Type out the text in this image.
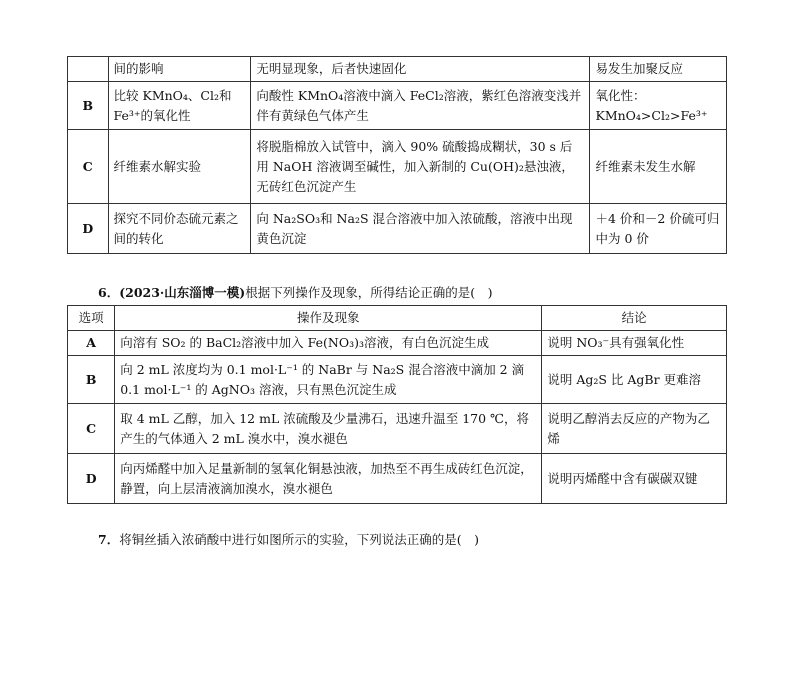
	间的影响	无明显现象，后者快速固化	易发生加聚反应
B	比较 KMnO₄、Cl₂和 Fe³⁺的氧化性	向酸性 KMnO₄溶液中滴入 FeCl₂溶液，紫红色溶液变浅并伴有黄绿色气体产生	氧化性：KMnO₄>Cl₂>Fe³⁺
C	纤维素水解实验	将脱脂棉放入试管中，滴入 90% 硫酸捣成糊状，30 s 后用 NaOH 溶液调至碱性，加入新制的 Cu(OH)₂悬浊液，无砖红色沉淀产生	纤维素未发生水解
D	探究不同价态硫元素之间的转化	向 Na₂SO₃和 Na₂S 混合溶液中加入浓硫酸，溶液中出现黄色沉淀	＋4 价和－2 价硫可归中为 0 价
6．(2023·山东淄博一模)根据下列操作及现象，所得结论正确的是(　)
选项	操作及现象	结论
A	向溶有 SO₂ 的 BaCl₂溶液中加入 Fe(NO₃)₃溶液，有白色沉淀生成	说明 NO₃⁻具有强氧化性
B	向 2 mL 浓度均为 0.1 mol·L⁻¹ 的 NaBr 与 Na₂S 混合溶液中滴加 2 滴 0.1 mol·L⁻¹ 的 AgNO₃ 溶液，只有黑色沉淀生成	说明 Ag₂S 比 AgBr 更难溶
C	取 4 mL 乙醇，加入 12 mL 浓硫酸及少量沸石，迅速升温至 170 ℃，将产生的气体通入 2 mL 溴水中，溴水褪色	说明乙醇消去反应的产物为乙烯
D	向丙烯醛中加入足量新制的氢氧化铜悬浊液，加热至不再生成砖红色沉淀，静置，向上层清液滴加溴水，溴水褪色	说明丙烯醛中含有碳碳双键
7．将铜丝插入浓硝酸中进行如图所示的实验，下列说法正确的是(　)
